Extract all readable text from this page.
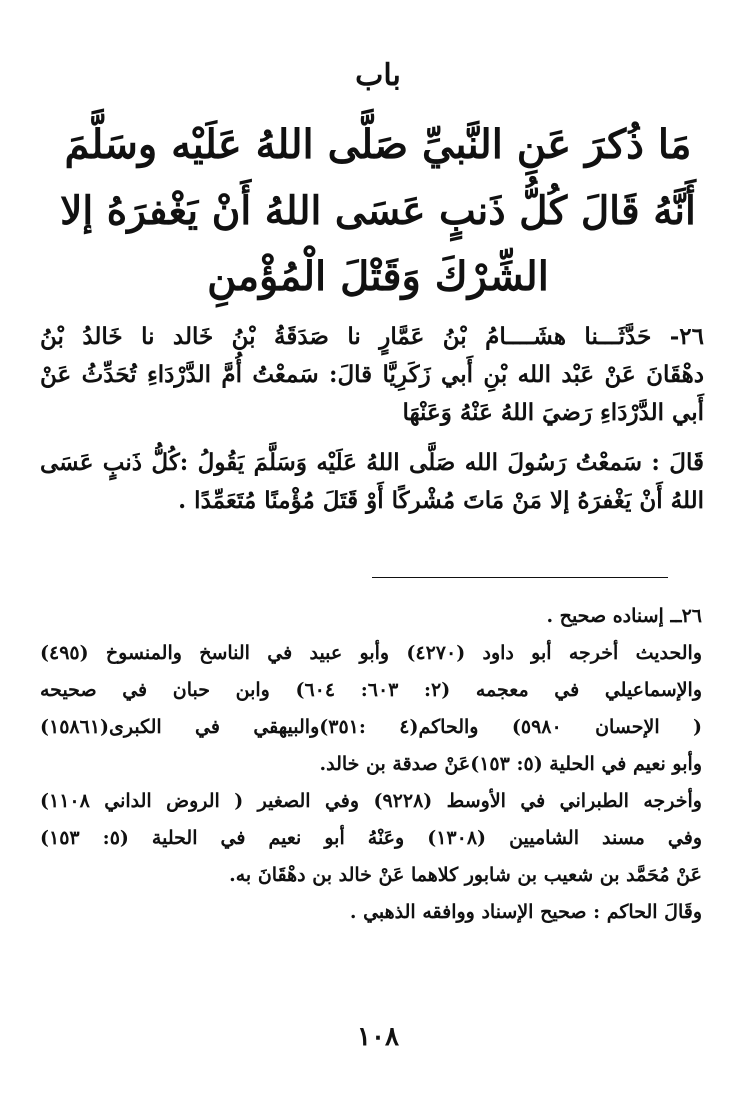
باب
مَا ذُكرَ عَنِ النَّبيِّ صَلَّى اللهُ عَلَيْه وسَلَّمَ
أَنَّهُ قَالَ كُلُّ ذَنبٍ عَسَى اللهُ أَنْ يَغْفرَهُ إلا
الشِّرْكَ وَقَتْلَ الْمُؤْمنِ
٢٦- حَدَّثَـــنا هشَــــامُ بْنُ عَمَّارٍ نا صَدَقَةُ بْنُ خَالد نا خَالدُ بْنُ
دهْقَانَ عَنْ عَبْد الله بْنِ أَبي زَكَرِيَّا قالَ: سَمعْتُ أُمَّ الدَّرْدَاءِ تُحَدِّثُ عَنْ
أَبي الدَّرْدَاءِ رَضيَ اللهُ عَنْهُ وَعَنْهَا
قَالَ : سَمعْتُ رَسُولَ الله صَلَّى اللهُ عَلَيْه وَسَلَّمَ يَقُولُ :كُلُّ ذَنبٍ عَسَى
اللهُ أَنْ يَغْفرَهُ إلا مَنْ مَاتَ مُشْركًا أَوْ قَتَلَ مُؤْمنًا مُتَعَمِّدًا .
٢٦ــ إسناده صحيح .
والحديث أخرجه أبو داود (٤٢٧٠) وأبو عبيد في الناسخ والمنسوخ (٤٩٥)
والإسماعيلي في معجمه (٢: ٦٠٣: ٦٠٤) وابن حبان في صحيحه
( الإحسان ٥٩٨٠) والحاكم(٤ :٣٥١)والبيهقي في الكبرى(١٥٨٦١)
وأبو نعيم في الحلية (٥: ١٥٣)عَنْ صدقة بن خالد.
وأخرجه الطبراني في الأوسط (٩٢٢٨) وفي الصغير ( الروض الداني ١١٠٨)
وفي مسند الشاميين (١٣٠٨) وعَنْهُ أبو نعيم في الحلية (٥: ١٥٣)
عَنْ مُحَمَّد بن شعيب بن شابور كلاهما عَنْ خالد بن دهْقَانَ به.
وقَالَ الحاكم : صحيح الإسناد ووافقه الذهبي .
١٠٨
